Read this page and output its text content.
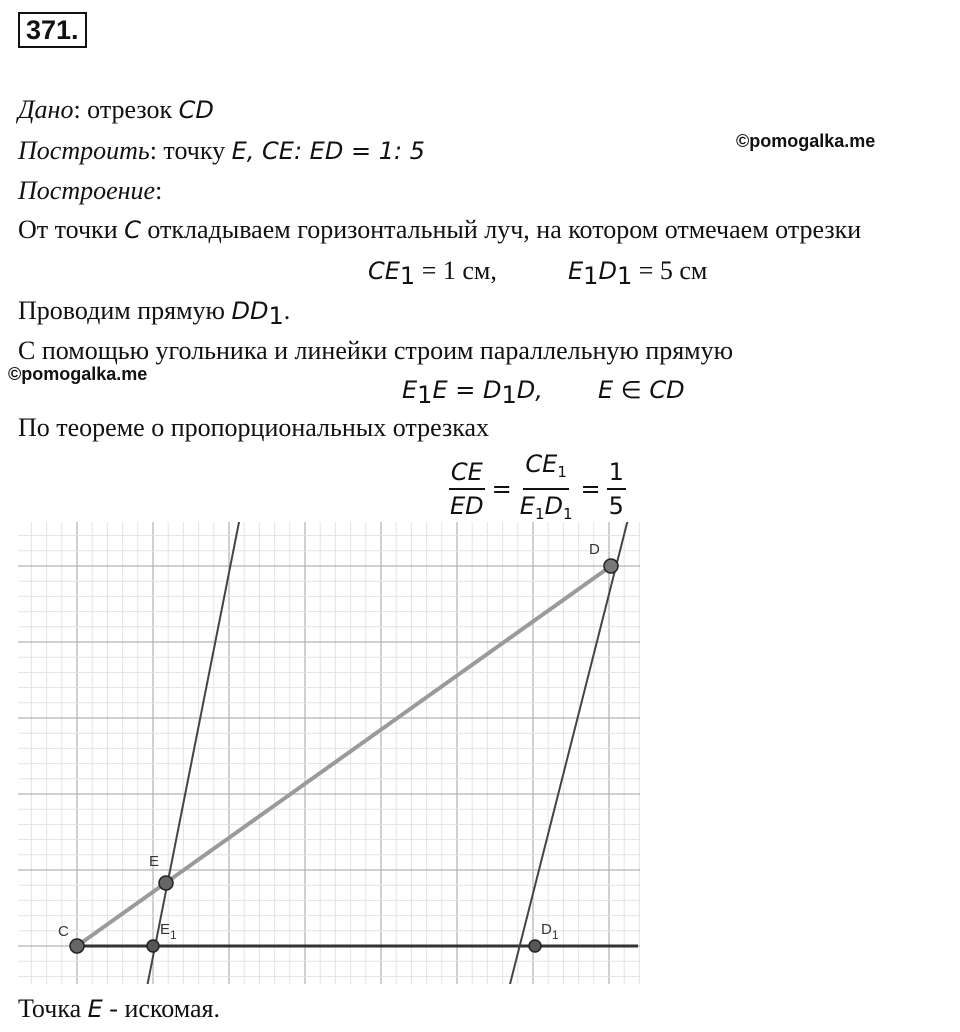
371.
Дано: отрезок CD
Построить: точку E, CE: ED = 1: 5	©pomogalka.me
Построение:
От точки C откладываем горизонтальный луч, на котором отмечаем отрезки
$CE_1 = 1$ см,	$E_1D_1 = 5$ см
Проводим прямую $DD_1$.
С помощью угольника и линейки строим параллельную прямую
©pomogalka.me
$E_1E = D_1D$, E ∈ CD
По теореме о пропорциональных отрезках
$\frac{CE}{ED} = \frac{CE_1}{E_1D_1} = \frac{1}{5}$
C
E
$E_1$	$D_1$
D
Точка E - искомая.
